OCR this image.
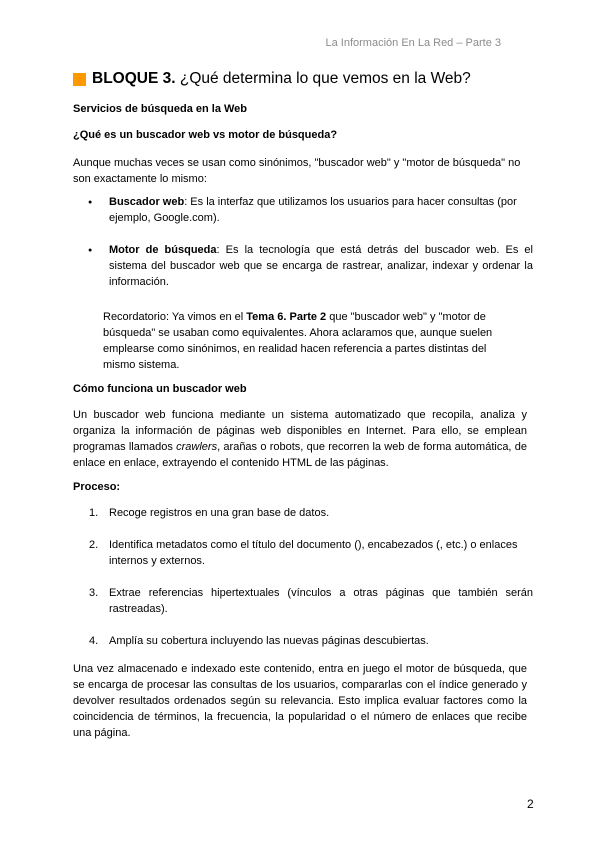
La Información En La Red – Parte 3
BLOQUE 3. ¿Qué determina lo que vemos en la Web?
Servicios de búsqueda en la Web
¿Qué es un buscador web vs motor de búsqueda?
Aunque muchas veces se usan como sinónimos, "buscador web" y "motor de búsqueda" no son exactamente lo mismo:
● Buscador web: Es la interfaz que utilizamos los usuarios para hacer consultas (por ejemplo, Google.com).
● Motor de búsqueda: Es la tecnología que está detrás del buscador web. Es el sistema del buscador web que se encarga de rastrear, analizar, indexar y ordenar la información.
Recordatorio: Ya vimos en el Tema 6. Parte 2 que "buscador web" y "motor de búsqueda" se usaban como equivalentes. Ahora aclaramos que, aunque suelen emplearse como sinónimos, en realidad hacen referencia a partes distintas del mismo sistema.
Cómo funciona un buscador web
Un buscador web funciona mediante un sistema automatizado que recopila, analiza y organiza la información de páginas web disponibles en Internet. Para ello, se emplean programas llamados crawlers, arañas o robots, que recorren la web de forma automática, de enlace en enlace, extrayendo el contenido HTML de las páginas.
Proceso:
1. Recoge registros en una gran base de datos.
2. Identifica metadatos como el título del documento (), encabezados (, etc.) o enlaces internos y externos.
3. Extrae referencias hipertextuales (vínculos a otras páginas que también serán rastreadas).
4. Amplía su cobertura incluyendo las nuevas páginas descubiertas.
Una vez almacenado e indexado este contenido, entra en juego el motor de búsqueda, que se encarga de procesar las consultas de los usuarios, compararlas con el índice generado y devolver resultados ordenados según su relevancia. Esto implica evaluar factores como la coincidencia de términos, la frecuencia, la popularidad o el número de enlaces que recibe una página.
2
